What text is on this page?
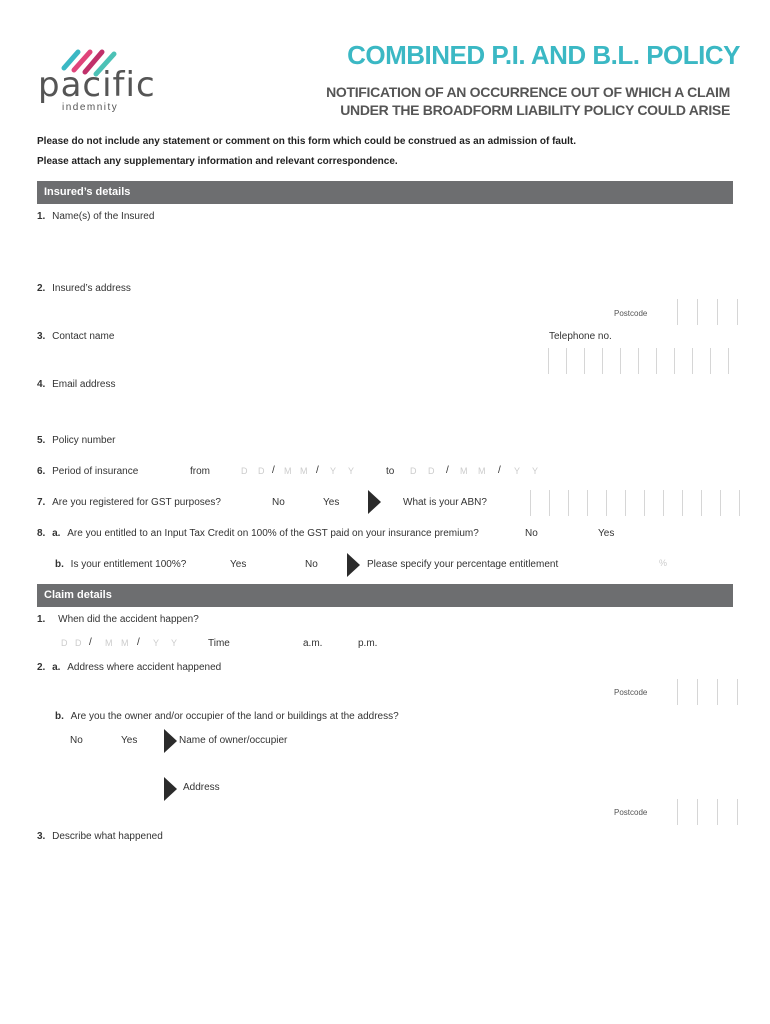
pacific
indemnity
COMBINED P.I. AND B.L. POLICY
NOTIFICATION OF AN OCCURRENCE OUT OF WHICH A CLAIM
UNDER THE BROADFORM LIABILITY POLICY COULD ARISE
Please do not include any statement or comment on this form which could be construed as an admission of fault.
Please attach any supplementary information and relevant correspondence.
Insured’s details
1. Name(s) of the Insured
2. Insured’s address
Postcode
3. Contact name	Telephone no.
4. Email address
5. Policy number
6. Period of insurance	from	D D / M M / Y Y	to D D / M M / Y Y
7. Are you registered for GST purposes?	No	Yes	What is your ABN?
8. a. Are you entitled to an Input Tax Credit on 100% of the GST paid on your insurance premium?	No	Yes
b. Is your entitlement 100%?	Yes	No	Please specify your percentage entitlement	%
Claim details
1. When did the accident happen?
D D / M M / Y Y	Time	a.m.	p.m.
2. a. Address where accident happened
Postcode
b. Are you the owner and/or occupier of the land or buildings at the address?
No	Yes	Name of owner/occupier
Address
Postcode
3. Describe what happened
